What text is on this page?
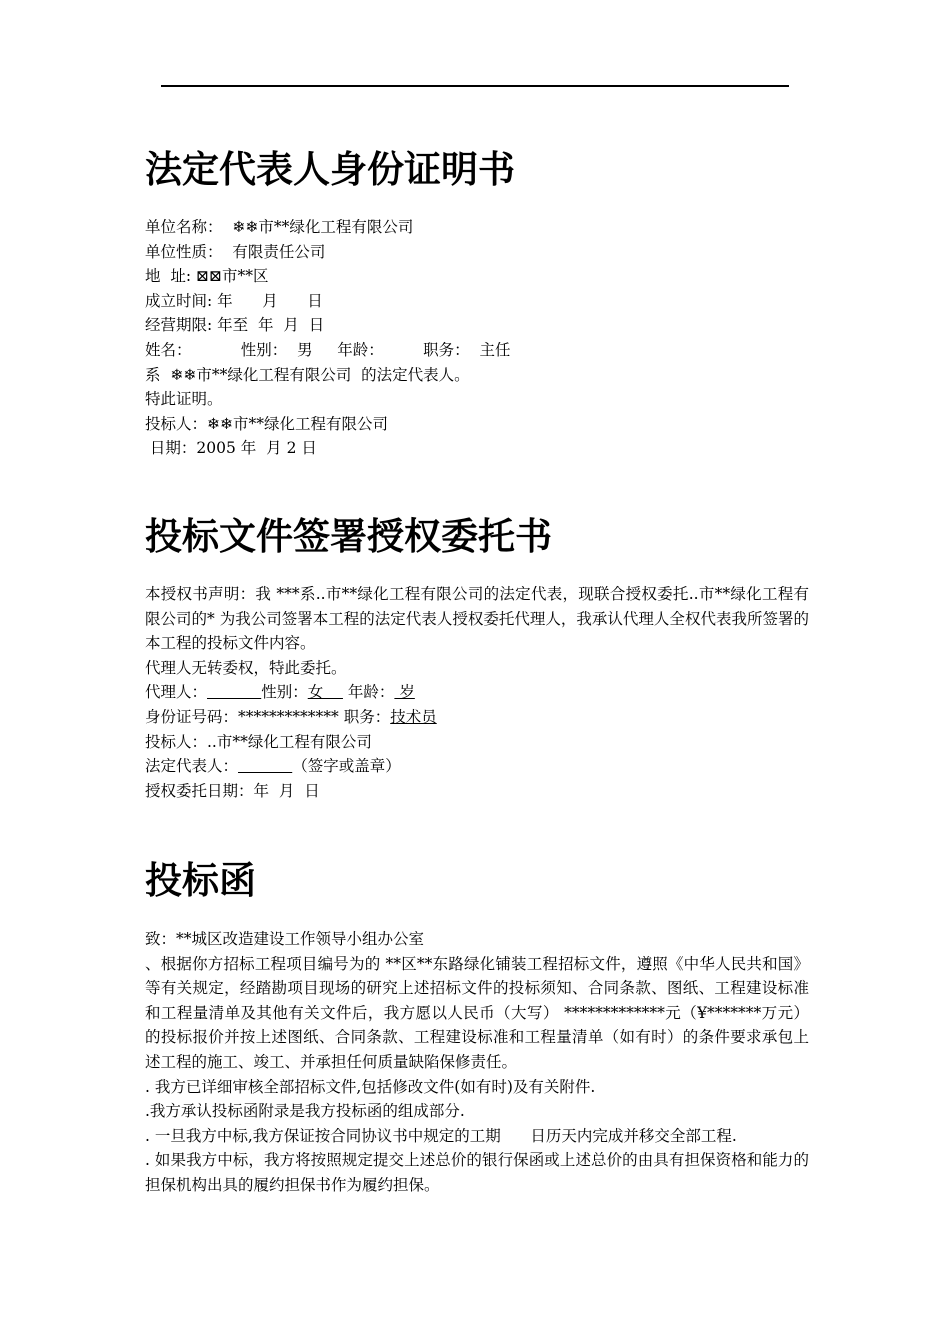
法定代表人身份证明书
单位名称：  ❄❄市**绿化工程有限公司
单位性质：  有限责任公司
地  址: ⊠⊠市**区
成立时间: 年      月      日
经营期限: 年至  年  月  日
姓名：          性别：  男     年龄：        职务：  主任
系  ❄❄市**绿化工程有限公司  的法定代表人。
特此证明。
投标人：❄❄市**绿化工程有限公司
日期：2005 年  月 2 日
投标文件签署授权委托书
本授权书声明：我 ***系..市**绿化工程有限公司的法定代表，现联合授权委托..市**绿化工程有限公司的* 为我公司签署本工程的法定代表人授权委托代理人，我承认代理人全权代表我所签署的本工程的投标文件内容。
代理人无转委权，特此委托。
代理人：	性别：女     年龄： 岁
身份证号码：************* 职务：技术员
投标人：..市**绿化工程有限公司
法定代表人：	（签字或盖章）
授权委托日期：年  月  日
投标函
致：**城区改造建设工作领导小组办公室
、根据你方招标工程项目编号为的 **区**东路绿化铺装工程招标文件，遵照《中华人民共和国》等有关规定，经踏勘项目现场的研究上述招标文件的投标须知、合同条款、图纸、工程建设标准和工程量清单及其他有关文件后，我方愿以人民币（大写） *************元（¥*******万元）的投标报价并按上述图纸、合同条款、工程建设标准和工程量清单（如有时）的条件要求承包上述工程的施工、竣工、并承担任何质量缺陷保修责任。
. 我方已详细审核全部招标文件,包括修改文件(如有时)及有关附件.
.我方承认投标函附录是我方投标函的组成部分.
. 一旦我方中标,我方保证按合同协议书中规定的工期      日历天内完成并移交全部工程.
. 如果我方中标，我方将按照规定提交上述总价的银行保函或上述总价的由具有担保资格和能力的担保机构出具的履约担保书作为履约担保。
